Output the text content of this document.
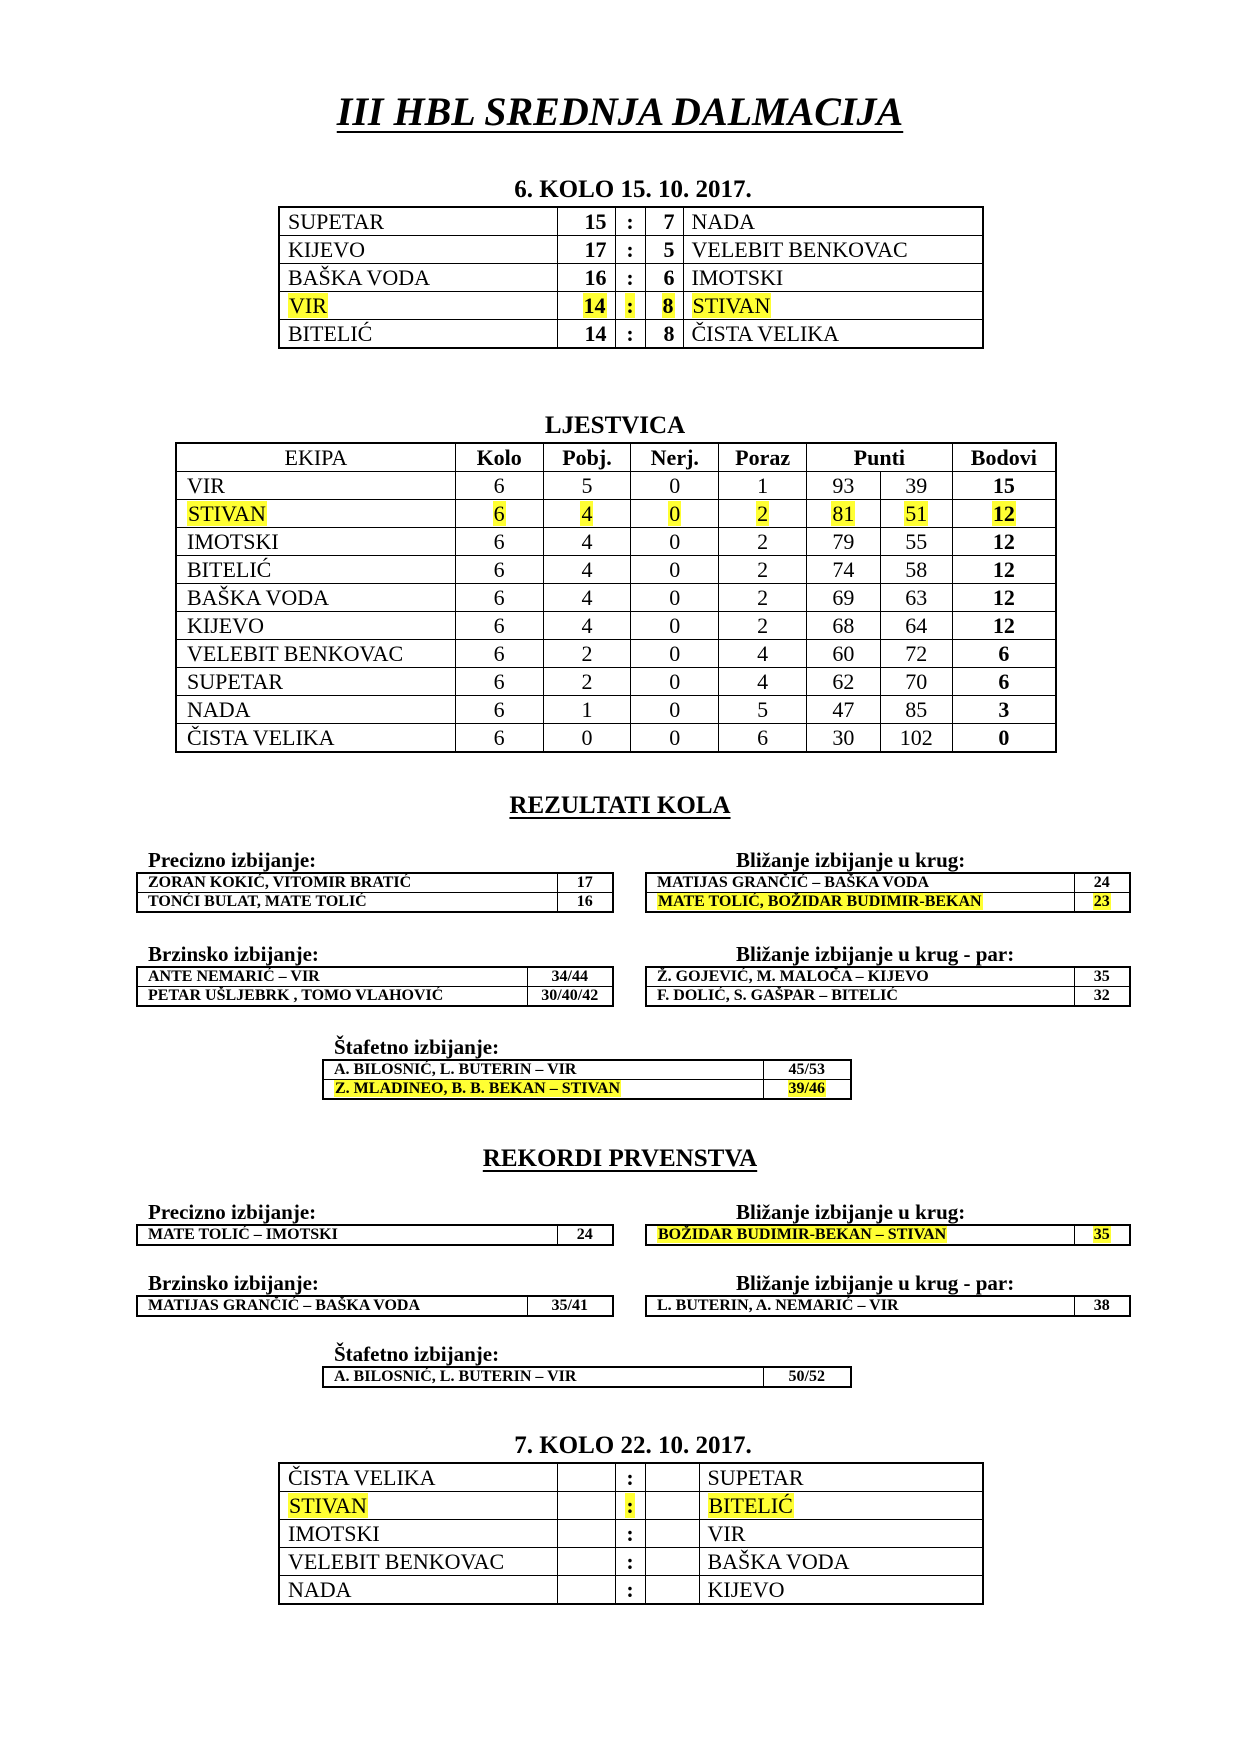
III HBL SREDNJA DALMACIJA
6. KOLO 15. 10. 2017.
SUPETAR	15	:	7	NADA
KIJEVO	17	:	5	VELEBIT BENKOVAC
BAŠKA VODA	16	:	6	IMOTSKI
VIR	14	:	8	STIVAN
BITELIĆ	14	:	8	ČISTA VELIKA
LJESTVICA
EKIPA	Kolo	Pobj.	Nerj.	Poraz	Punti		Bodovi
VIR	6	5	0	1	93	39	15
STIVAN	6	4	0	2	81	51	12
IMOTSKI	6	4	0	2	79	55	12
BITELIĆ	6	4	0	2	74	58	12
BAŠKA VODA	6	4	0	2	69	63	12
KIJEVO	6	4	0	2	68	64	12
VELEBIT BENKOVAC	6	2	0	4	60	72	6
SUPETAR	6	2	0	4	62	70	6
NADA	6	1	0	5	47	85	3
ČISTA VELIKA	6	0	0	6	30	102	0
REZULTATI KOLA
Precizno izbijanje:
ZORAN KOKIĆ, VITOMIR BRATIĆ	17
TONĆI BULAT, MATE TOLIĆ	16
Bližanje izbijanje u krug:
MATIJAS GRANČIĆ – BAŠKA VODA	24
MATE TOLIĆ, BOŽIDAR BUDIMIR-BEKAN	23
Brzinsko izbijanje:
ANTE NEMARIĆ – VIR	34/44
PETAR UŠLJEBRK , TOMO VLAHOVIĆ	30/40/42
Bližanje izbijanje u krug - par:
Ž. GOJEVIĆ, M. MALOČA – KIJEVO	35
F. DOLIĆ, S. GAŠPAR – BITELIĆ	32
Štafetno izbijanje:
A. BILOSNIĆ, L. BUTERIN – VIR	45/53
Z. MLADINEO, B. B. BEKAN – STIVAN	39/46
REKORDI PRVENSTVA
Precizno izbijanje:
MATE TOLIĆ – IMOTSKI	24
Bližanje izbijanje u krug:
BOŽIDAR BUDIMIR-BEKAN – STIVAN	35
Brzinsko izbijanje:
MATIJAS GRANČIĆ – BAŠKA VODA	35/41
Bližanje izbijanje u krug - par:
L. BUTERIN, A. NEMARIĆ – VIR	38
Štafetno izbijanje:
A. BILOSNIĆ, L. BUTERIN – VIR	50/52
7. KOLO 22. 10. 2017.
ČISTA VELIKA		:		SUPETAR
STIVAN		:		BITELIĆ
IMOTSKI		:		VIR
VELEBIT BENKOVAC		:		BAŠKA VODA
NADA		:		KIJEVO
